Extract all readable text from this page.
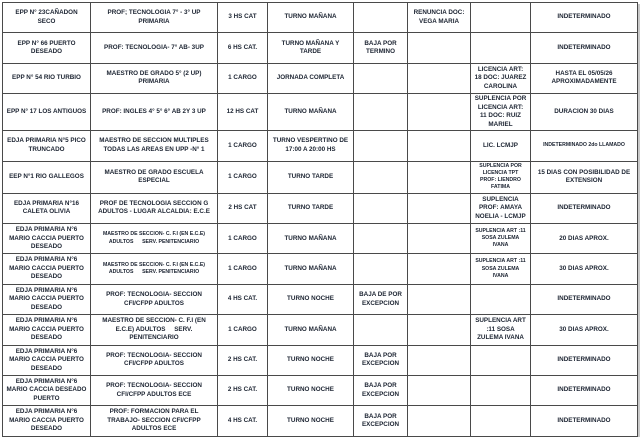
EPP N° 23CAÑADON SECO	PROF; TECNOLOGIA 7° - 3° UP PRIMARIA	3 HS CAT	TURNO MAÑANA		RENUNCIA DOC: VEGA MARIA		INDETERMINADO
EPP N° 66 PUERTO DESEADO	PROF: TECNOLOGIA- 7° AB- 3UP	6 HS CAT.	TURNO MAÑANA Y TARDE	BAJA POR TERMINO			INDETERMINADO
EPP N° 54 RIO TURBIO	MAESTRO DE GRADO 5° (2 UP) PRIMARIA	1 CARGO	JORNADA COMPLETA			LICENCIA ART: 18 DOC: JUAREZ CAROLINA	HASTA EL 05/05/26 APROXIMADAMENTE
EPP N° 17 LOS ANTIGUOS	PROF: INGLES 4° 5° 6° AB 2Y 3 UP	12 HS CAT	TURNO MAÑANA			SUPLENCIA POR LICENCIA ART: 11 DOC: RUIZ MARIEL	DURACION 30 DIAS
EDJA PRIMARIA N°5 PICO TRUNCADO	MAESTRO DE SECCION MULTIPLES TODAS LAS AREAS EN UPP -N° 1	1 CARGO	TURNO VESPERTINO DE 17:00 A 20:00 HS			LIC. LCMJP	INDETERMINADO 2do LLAMADO
EEP N°1 RIO GALLEGOS	MAESTRO DE GRADO ESCUELA ESPECIAL	1 CARGO	TURNO TARDE			SUPLENCIA POR LICENCIA TPT PROF: LIENDRO FATIMA	15 DIAS CON POSIBILIDAD DE EXTENSION
EDJA PRIMARIA N°16 CALETA OLIVIA	PROF DE TECNOLOGIA SECCION G ADULTOS - LUGAR ALCALDIA: E.C.E	2 HS CAT	TURNO TARDE			SUPLENCIA PROF: AMAYA NOELIA - LCMJP	INDETERMINADO
EDJA PRIMARIA N°6 MARIO CACCIA PUERTO DESEADO	MAESTRO DE SECCION- C. F.I (EN E.C.E) ADULTOS      SERV. PENITENCIARIO	1 CARGO	TURNO MAÑANA			SUPLENCIA ART :11 SOSA ZULEMA IVANA	20 DIAS APROX.
EDJA PRIMARIA N°6 MARIO CACCIA PUERTO DESEADO	MAESTRO DE SECCION- C. F.I (EN E.C.E) ADULTOS      SERV. PENITENCIARIO	1 CARGO	TURNO MAÑANA			SUPLENCIA ART :11 SOSA ZULEMA IVANA	30 DIAS APROX.
EDJA PRIMARIA N°6 MARIO CACCIA PUERTO DESEADO	PROF: TECNOLOGIA- SECCION CFI/CFPP ADULTOS	4 HS CAT.	TURNO NOCHE	BAJA DE POR EXCEPCION			INDETERMINADO
EDJA PRIMARIA N°6 MARIO CACCIA PUERTO DESEADO	MAESTRO DE SECCION- C. F.I (EN E.C.E) ADULTOS     SERV. PENITENCIARIO	1 CARGO	TURNO MAÑANA			SUPLENCIA ART :11 SOSA ZULEMA IVANA	30 DIAS APROX.
EDJA PRIMARIA N°6 MARIO CACCIA PUERTO DESEADO	PROF: TECNOLOGIA- SECCION CFI/CFPP ADULTOS	2 HS CAT.	TURNO NOCHE	BAJA POR EXCEPCION			INDETERMINADO
EDJA PRIMARIA N°6 MARIO CACCIA DESEADO PUERTO	PROF: TECNOLOGIA- SECCION CFI/CFPP ADULTOS ECE	2 HS CAT.	TURNO NOCHE	BAJA POR EXCEPCION			INDETERMINADO
EDJA PRIMARIA N°6 MARIO CACCIA PUERTO DESEADO	PROF: FORMACION PARA EL TRABAJO- SECCION CFI/CFPP ADULTOS ECE	4 HS CAT.	TURNO NOCHE	BAJA POR EXCEPCION			INDETERMINADO
